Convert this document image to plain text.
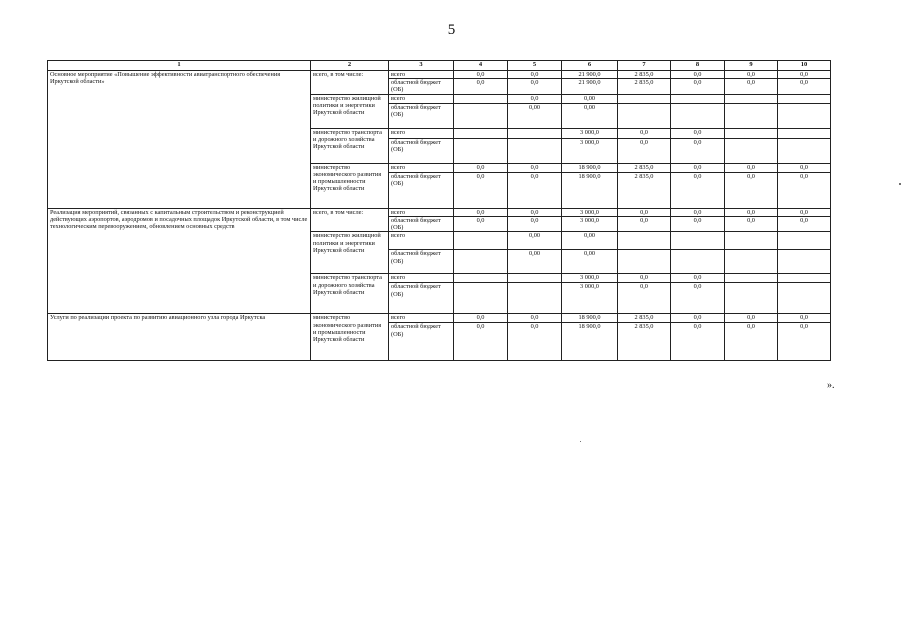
5
1	2	3	4	5	6	7	8	9	10
Основное мероприятие «Повышение эффективности авиатранспортного обеспечения Иркутской области»	всего, в том числе:	всего	0,0	0,0	21 900,0	2 835,0	0,0	0,0	0,0
		областной бюджет (ОБ)	0,0	0,0	21 900,0	2 835,0	0,0	0,0	0,0
	министерство жилищной политики и энергетики Иркутской области	всего		0,0	0,00				
		областной бюджет (ОБ)		0,00	0,00				
	министерство транспорта и дорожного хозяйства Иркутской области	всего			3 000,0	0,0	0,0		
		областной бюджет (ОБ)			3 000,0	0,0	0,0		
	министерство экономического развития и промышленности Иркутской области	всего	0,0	0,0	18 900,0	2 835,0	0,0	0,0	0,0
		областной бюджет (ОБ)	0,0	0,0	18 900,0	2 835,0	0,0	0,0	0,0
Реализация мероприятий, связанных с капитальным строительством и реконструкцией действующих аэропортов, аэродромов и посадочных площадок Иркутской области, в том числе технологическим перевооружением, обновлением основных средств	всего, в том числе:	всего	0,0	0,0	3 000,0	0,0	0,0	0,0	0,0
		областной бюджет (ОБ)	0,0	0,0	3 000,0	0,0	0,0	0,0	0,0
	министерство жилищной политики и энергетики Иркутской области	всего		0,00	0,00				
		областной бюджет (ОБ)		0,00	0,00				
	министерство транспорта и дорожного хозяйства Иркутской области	всего			3 000,0	0,0	0,0		
		областной бюджет (ОБ)			3 000,0	0,0	0,0		
Услуги по реализации проекта по развитию авиационного узла города Иркутска	министерство экономического развития и промышленности Иркутской области	всего	0,0	0,0	18 900,0	2 835,0	0,0	0,0	0,0
		областной бюджет (ОБ)	0,0	0,0	18 900,0	2 835,0	0,0	0,0	0,0
».
